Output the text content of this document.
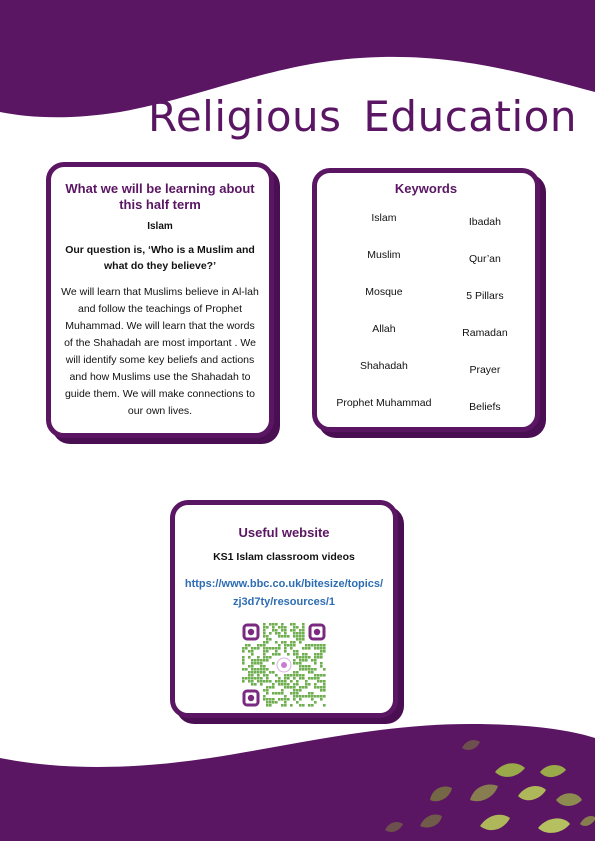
Religious Education
What we will be learning about this half term

Islam

Our question is, ‘Who is a Muslim and what do they believe?’

We will learn that Muslims believe in Al-lah and follow the teachings of Prophet Muhammad. We will learn that the words of the Shahadah are most important . We will identify some key beliefs and actions and how Muslims use the Shahadah to guide them. We will make connections to our own lives.

Keywords
Islam	Ibadah
Muslim	Qur’an
Mosque	5 Pillars
Allah	Ramadan
Shahadah	Prayer
Prophet Muhammad	Beliefs
Useful website

KS1 Islam classroom videos

https://www.bbc.co.uk/bitesize/topics/

zj3d7ty/resources/1
